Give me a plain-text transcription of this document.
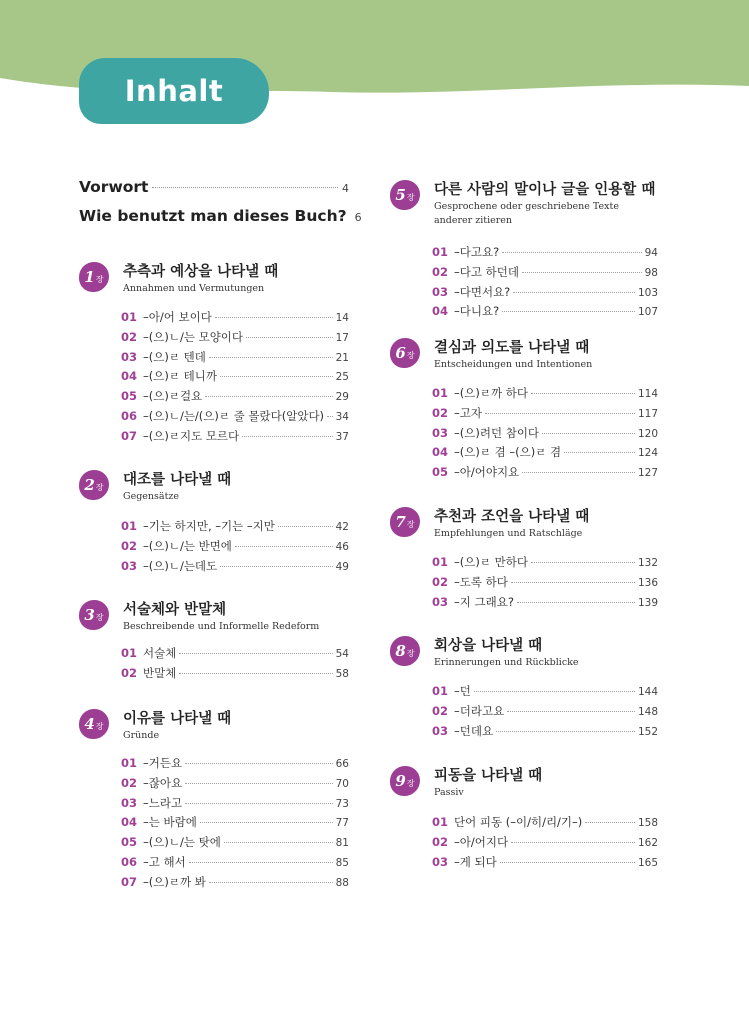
Inhalt
Vorwort	4
Wie benutzt man dieses Buch? 6
1 장 추측과 예상을 나타낼 때
Annahmen und Vermutungen
01 –아/어 보이다	14
02 –(으)ㄴ/는 모양이다	17
03 –(으)ㄹ 텐데	21
04 –(으)ㄹ 테니까	25
05 –(으)ㄹ걸요	29
06 –(으)ㄴ/는/(으)ㄹ 줄 몰랐다(알았다) 34
07 –(으)ㄹ지도 모르다	37
2 장 대조를 나타낼 때
Gegensätze
01 –기는 하지만, –기는 –지만	42
02 –(으)ㄴ/는 반면에	46
03 –(으)ㄴ/는데도	49
3 장 서술체와 반말체
Beschreibende und Informelle Redeform
01 서술체	54
02 반말체	58
4 장 이유를 나타낼 때
Gründe
01 –거든요	66
02 –잖아요	70
03 –느라고	73
04 –는 바람에	77
05 –(으)ㄴ/는 탓에	81
06 –고 해서	85
07 –(으)ㄹ까 봐	88
5 장 다른 사람의 말이나 글을 인용할 때
Gesprochene oder geschriebene Texte anderer zitieren
01 –다고요?	94
02 –다고 하던데	98
03 –다면서요?	103
04 –다니요?	107
6 장 결심과 의도를 나타낼 때
Entscheidungen und Intentionen
01 –(으)ㄹ까 하다	114
02 –고자	117
03 –(으)려던 참이다	120
04 –(으)ㄹ 겸 –(으)ㄹ 겸	124
05 –아/어야지요	127
7 장 추천과 조언을 나타낼 때
Empfehlungen und Ratschläge
01 –(으)ㄹ 만하다	132
02 –도록 하다	136
03 –지 그래요?	139
8 장 회상을 나타낼 때
Erinnerungen und Rückblicke
01 –던	144
02 –더라고요	148
03 –던데요	152
9 장 피동을 나타낼 때
Passiv
01 단어 피동 (–이/히/리/기–)	158
02 –아/어지다	162
03 –게 되다	165
